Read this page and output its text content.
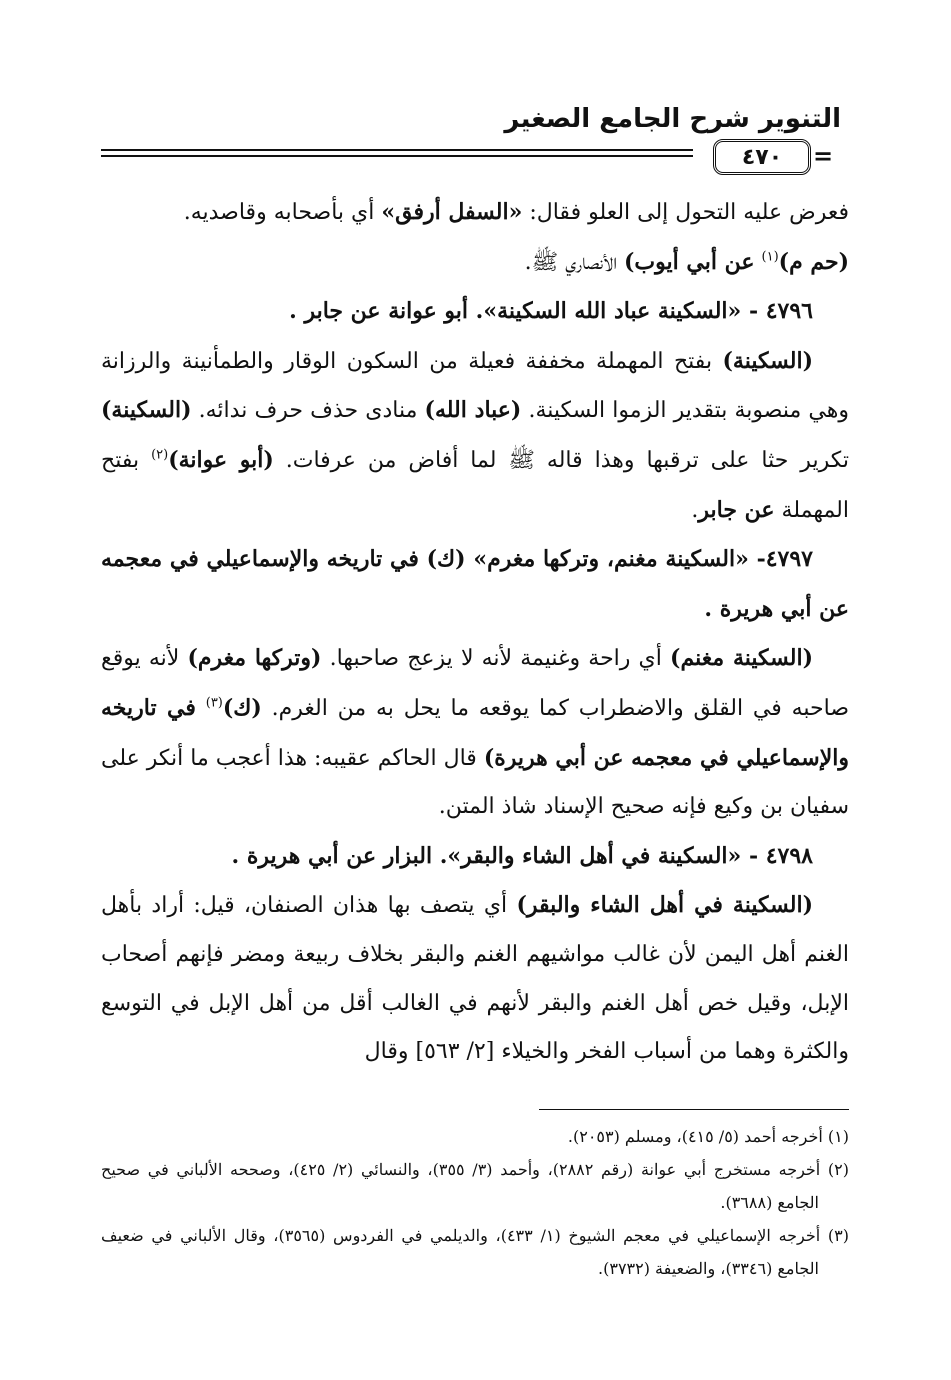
التنوير شرح الجامع الصغير
٤٧٠	=

فعرض عليه التحول إلى العلو فقال: «السفل أرفق» أي بأصحابه وقاصديه.
(حم م)$^{(١)}$ عن أبي أيوب) الأنصاري ﷺ.

٤٧٩٦ - «السكينة عباد الله السكينة». أبو عوانة عن جابر .

(السكينة) بفتح المهملة مخففة فعيلة من السكون الوقار والطمأنينة والرزانة وهي منصوبة بتقدير الزموا السكينة. (عباد الله) منادى حذف حرف ندائه. (السكينة) تكرير حثا على ترقبها وهذا قاله ﷺ لما أفاض من عرفات. (أبو عوانة)$^{(٢)}$ بفتح المهملة عن جابر.

٤٧٩٧- «السكينة مغنم، وتركها مغرم» (ك) في تاريخه والإسماعيلي في معجمه عن أبي هريرة .

(السكينة مغنم) أي راحة وغنيمة لأنه لا يزعج صاحبها. (وتركها مغرم) لأنه يوقع صاحبه في القلق والاضطراب كما يوقعه ما يحل به من الغرم. (ك)$^{(٣)}$ في تاريخه والإسماعيلي في معجمه عن أبي هريرة) قال الحاكم عقيبه: هذا أعجب ما أنكر على سفيان بن وكيع فإنه صحيح الإسناد شاذ المتن.

٤٧٩٨ - «السكينة في أهل الشاء والبقر». البزار عن أبي هريرة .

(السكينة في أهل الشاء والبقر) أي يتصف بها هذان الصنفان، قيل: أراد بأهل الغنم أهل اليمن لأن غالب مواشيهم الغنم والبقر بخلاف ربيعة ومضر فإنهم أصحاب الإبل، وقيل خص أهل الغنم والبقر لأنهم في الغالب أقل من أهل الإبل في التوسع والكثرة وهما من أسباب الفخر والخيلاء [٢/ ٥٦٣] وقال

(١) أخرجه أحمد (٥/ ٤١٥)، ومسلم (٢٠٥٣).

(٢) أخرجه مستخرج أبي عوانة (رقم ٢٨٨٢)، وأحمد (٣/ ٣٥٥)، والنسائي (٢/ ٤٢٥)، وصححه الألباني في صحيح الجامع (٣٦٨٨).

(٣) أخرجه الإسماعيلي في معجم الشيوخ (١/ ٤٣٣)، والديلمي في الفردوس (٣٥٦٥)، وقال الألباني في ضعيف الجامع (٣٣٤٦)، والضعيفة (٣٧٣٢).
